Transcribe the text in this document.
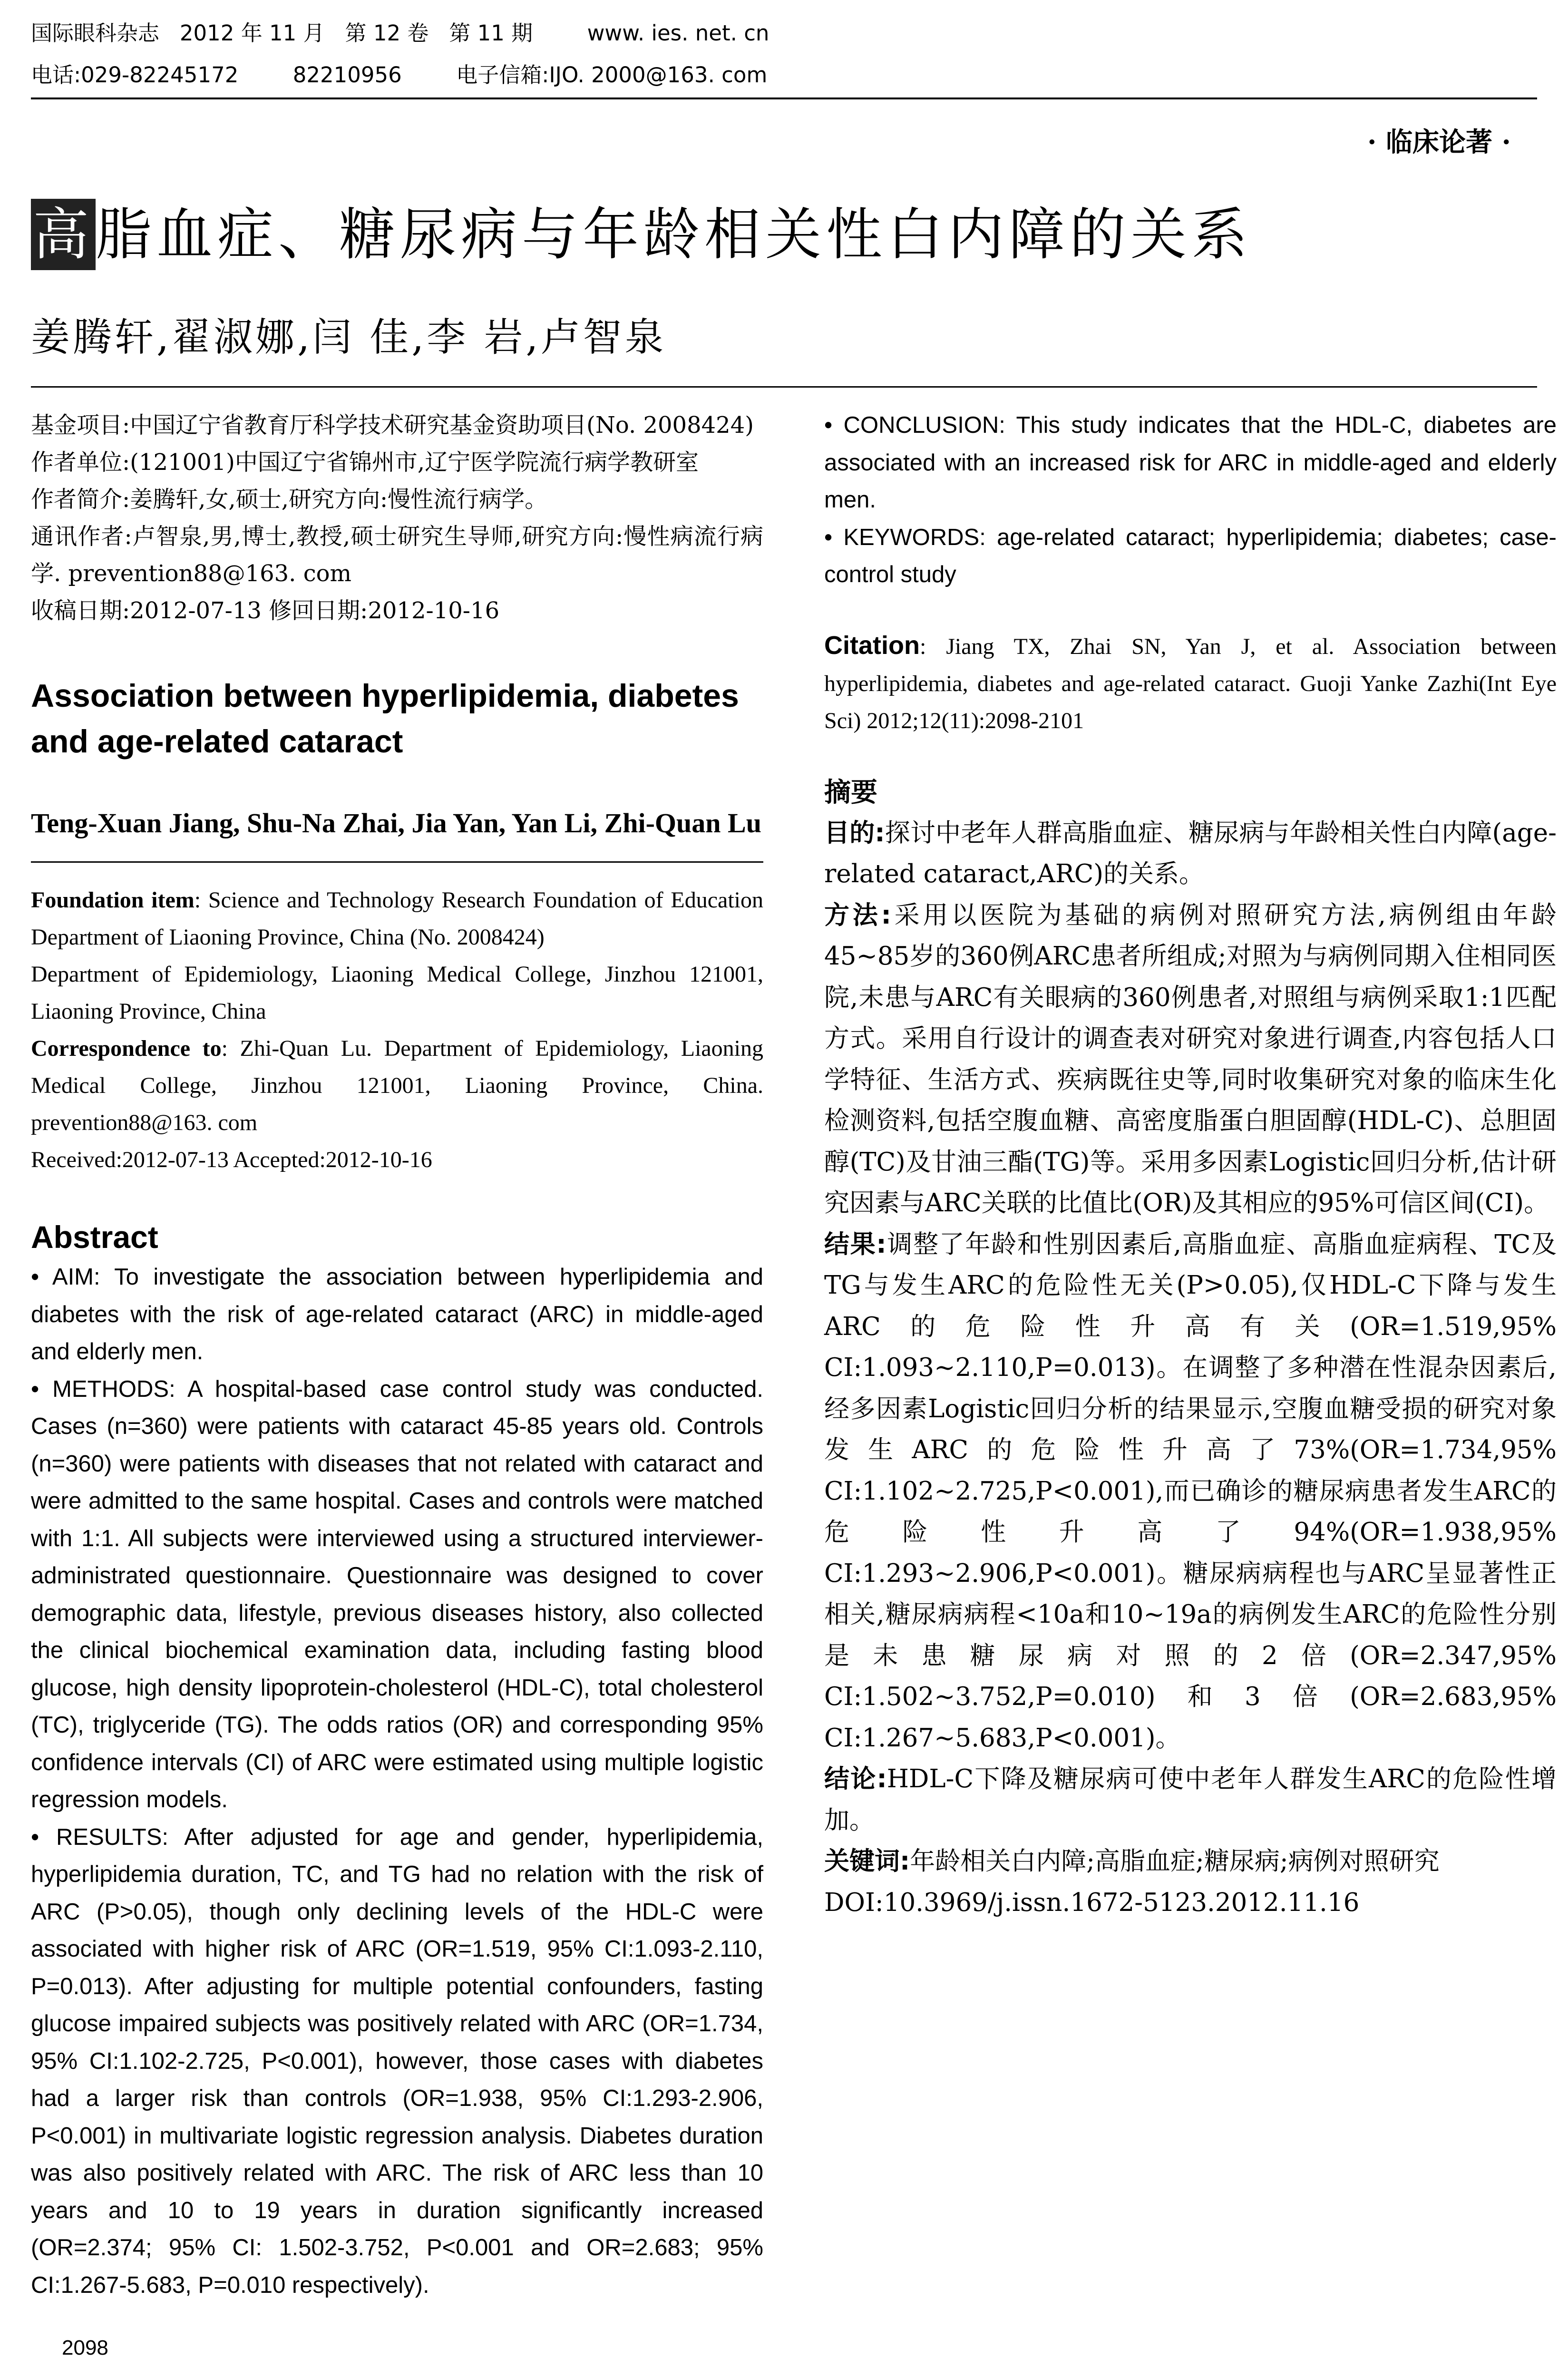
国际眼科杂志   2012 年 11 月   第 12 卷   第 11 期        www. ies. net. cn
电话:029-82245172        82210956        电子信箱:IJO. 2000@163. com
· 临床论著 ·
高脂血症、糖尿病与年龄相关性白内障的关系
姜腾轩,翟淑娜,闫 佳,李 岩,卢智泉

基金项目:中国辽宁省教育厅科学技术研究基金资助项目(No. 2008424)

作者单位:(121001)中国辽宁省锦州市,辽宁医学院流行病学教研室

作者简介:姜腾轩,女,硕士,研究方向:慢性流行病学。

通讯作者:卢智泉,男,博士,教授,硕士研究生导师,研究方向:慢性病流行病学. prevention88@163. com

收稿日期:2012-07-13 修回日期:2012-10-16

Association between hyperlipidemia, diabetes and age-related cataract
Teng-Xuan Jiang, Shu-Na Zhai, Jia Yan, Yan Li, Zhi-Quan Lu

Foundation item: Science and Technology Research Foundation of Education Department of Liaoning Province, China (No. 2008424)

Department of Epidemiology, Liaoning Medical College, Jinzhou 121001, Liaoning Province, China

Correspondence to: Zhi-Quan Lu. Department of Epidemiology, Liaoning Medical College, Jinzhou 121001, Liaoning Province, China. prevention88@163. com

Received:2012-07-13 Accepted:2012-10-16

Abstract

• AIM: To investigate the association between hyperlipidemia and diabetes with the risk of age-related cataract (ARC) in middle-aged and elderly men.

• METHODS: A hospital-based case control study was conducted. Cases (n=360) were patients with cataract 45-85 years old. Controls (n=360) were patients with diseases that not related with cataract and were admitted to the same hospital. Cases and controls were matched with 1:1. All subjects were interviewed using a structured interviewer-administrated questionnaire. Questionnaire was designed to cover demographic data, lifestyle, previous diseases history, also collected the clinical biochemical examination data, including fasting blood glucose, high density lipoprotein-cholesterol (HDL-C), total cholesterol (TC), triglyceride (TG). The odds ratios (OR) and corresponding 95% confidence intervals (CI) of ARC were estimated using multiple logistic regression models.

• RESULTS: After adjusted for age and gender, hyperlipidemia, hyperlipidemia duration, TC, and TG had no relation with the risk of ARC (P>0.05), though only declining levels of the HDL-C were associated with higher risk of ARC (OR=1.519, 95% CI:1.093-2.110, P=0.013). After adjusting for multiple potential confounders, fasting glucose impaired subjects was positively related with ARC (OR=1.734, 95% CI:1.102-2.725, P<0.001), however, those cases with diabetes had a larger risk than controls (OR=1.938, 95% CI:1.293-2.906, P<0.001) in multivariate logistic regression analysis. Diabetes duration was also positively related with ARC. The risk of ARC less than 10 years and 10 to 19 years in duration significantly increased (OR=2.374; 95% CI: 1.502-3.752, P<0.001 and OR=2.683; 95% CI:1.267-5.683, P=0.010 respectively).

• CONCLUSION: This study indicates that the HDL-C, diabetes are associated with an increased risk for ARC in middle-aged and elderly men.

• KEYWORDS: age-related cataract; hyperlipidemia; diabetes; case-control study

Citation: Jiang TX, Zhai SN, Yan J, et al. Association between hyperlipidemia, diabetes and age-related cataract. Guoji Yanke Zazhi(Int Eye Sci) 2012;12(11):2098-2101
摘要

目的:探讨中老年人群高脂血症、糖尿病与年龄相关性白内障(age-related cataract,ARC)的关系。

方法:采用以医院为基础的病例对照研究方法,病例组由年龄45~85岁的360例ARC患者所组成;对照为与病例同期入住相同医院,未患与ARC有关眼病的360例患者,对照组与病例采取1:1匹配方式。采用自行设计的调查表对研究对象进行调查,内容包括人口学特征、生活方式、疾病既往史等,同时收集研究对象的临床生化检测资料,包括空腹血糖、高密度脂蛋白胆固醇(HDL-C)、总胆固醇(TC)及甘油三酯(TG)等。采用多因素Logistic回归分析,估计研究因素与ARC关联的比值比(OR)及其相应的95%可信区间(CI)。

结果:调整了年龄和性别因素后,高脂血症、高脂血症病程、TC及TG与发生ARC的危险性无关(P>0.05),仅HDL-C下降与发生ARC的危险性升高有关(OR=1.519,95% CI:1.093~2.110,P=0.013)。在调整了多种潜在性混杂因素后,经多因素Logistic回归分析的结果显示,空腹血糖受损的研究对象发生ARC的危险性升高了73%(OR=1.734,95% CI:1.102~2.725,P<0.001),而已确诊的糖尿病患者发生ARC的危险性升高了94%(OR=1.938,95% CI:1.293~2.906,P<0.001)。糖尿病病程也与ARC呈显著性正相关,糖尿病病程<10a和10~19a的病例发生ARC的危险性分别是未患糖尿病对照的2倍(OR=2.347,95% CI:1.502~3.752,P=0.010)和3倍(OR=2.683,95% CI:1.267~5.683,P<0.001)。

结论:HDL-C下降及糖尿病可使中老年人群发生ARC的危险性增加。

关键词:年龄相关白内障;高脂血症;糖尿病;病例对照研究

DOI:10.3969/j.issn.1672-5123.2012.11.16

2098
